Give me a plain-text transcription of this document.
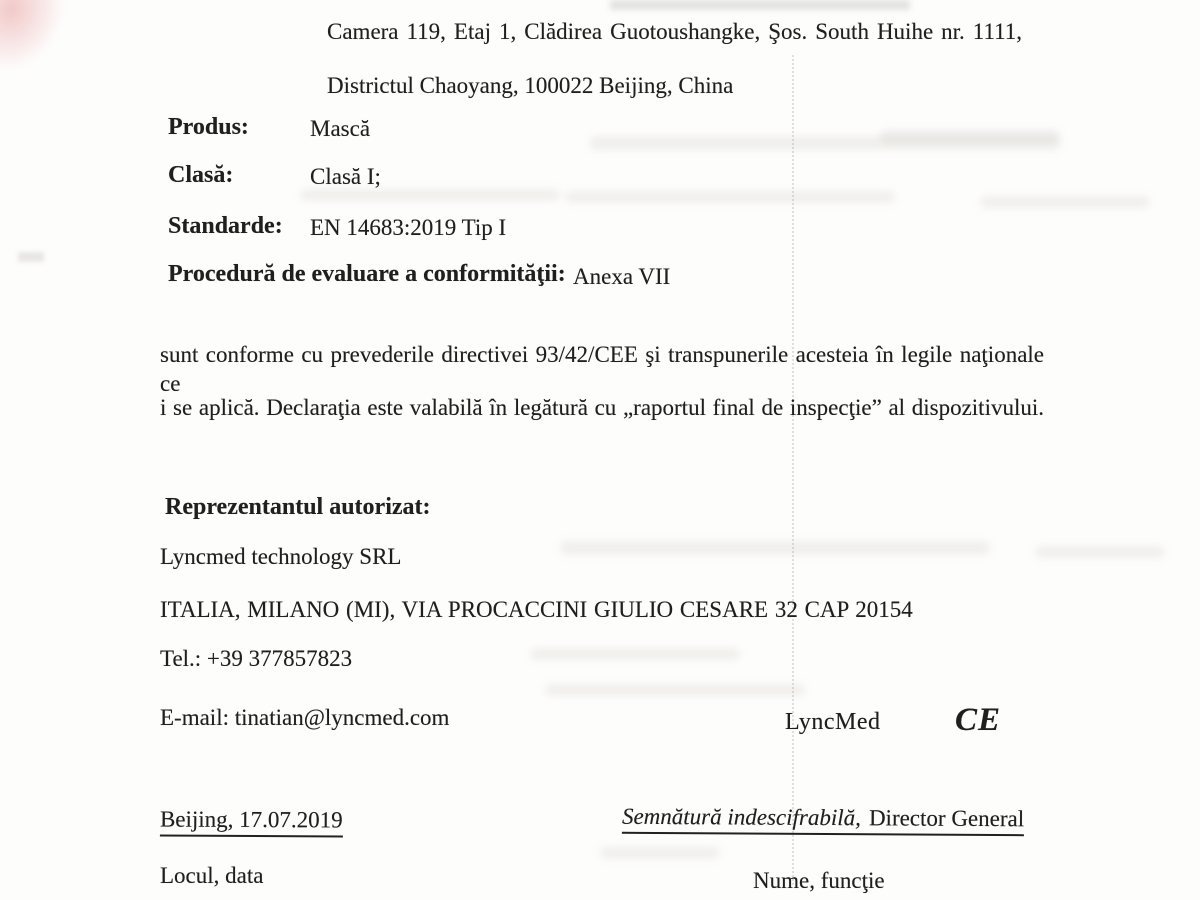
Camera 119, Etaj 1, Clădirea Guotoushangke, Şos. South Huihe nr. 1111,
Districtul Chaoyang, 100022 Beijing, China
Produs:	Mască
Clasă:	Clasă I;
Standarde: EN 14683:2019 Tip I
Procedură de evaluare a conformităţii: Anexa VII
sunt conforme cu prevederile directivei 93/42/CEE şi transpunerile acesteia în legile naţionale ce
i se aplică. Declaraţia este valabilă în legătură cu „raportul final de inspecţie” al dispozitivului.
Reprezentantul autorizat:
Lyncmed technology SRL
ITALIA, MILANO (MI), VIA PROCACCINI GIULIO CESARE 32 CAP 20154
Tel.: +39 377857823
E-mail: tinatian@lyncmed.com	LyncMed CE
Beijing, 17.07.2019
Locul, data
Semnătură indescifrabilă, Director General
Nume, funcţie
